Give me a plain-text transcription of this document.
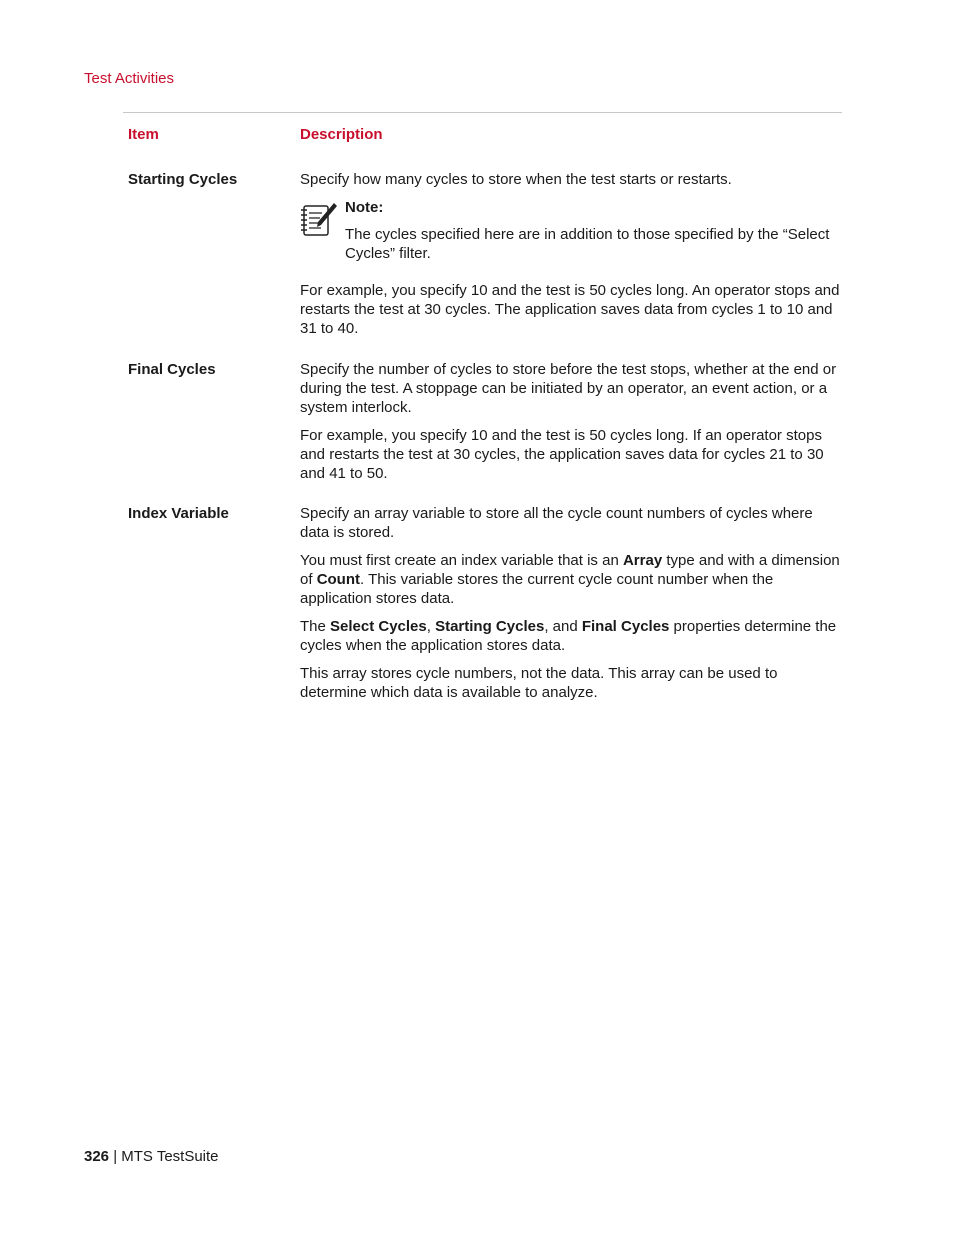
Test Activities
Item	Description
Starting Cycles	Specify how many cycles to store when the test starts or restarts.

Note:
The cycles specified here are in addition to those specified by the “Select Cycles” filter.

For example, you specify 10 and the test is 50 cycles long. An operator stops and restarts the test at 30 cycles. The application saves data from cycles 1 to 10 and 31 to 40.

Final Cycles	Specify the number of cycles to store before the test stops, whether at the end or during the test. A stoppage can be initiated by an operator, an event action, or a system interlock.

For example, you specify 10 and the test is 50 cycles long. If an operator stops and restarts the test at 30 cycles, the application saves data for cycles 21 to 30 and 41 to 50.

Index Variable	Specify an array variable to store all the cycle count numbers of cycles where data is stored.

You must first create an index variable that is an Array type and with a dimension of Count. This variable stores the current cycle count number when the application stores data.

The Select Cycles, Starting Cycles, and Final Cycles properties determine the cycles when the application stores data.

This array stores cycle numbers, not the data. This array can be used to determine which data is available to analyze.

326 | MTS TestSuite
